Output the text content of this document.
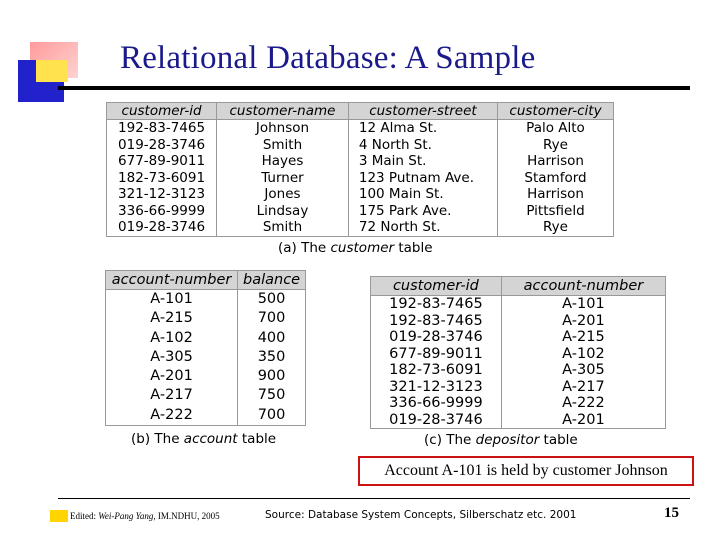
Relational Database: A Sample
customer-id	customer-name	customer-street	customer-city
192-83-7465	Johnson	12 Alma St.	Palo Alto
019-28-3746	Smith	4 North St.	Rye
677-89-9011	Hayes	3 Main St.	Harrison
182-73-6091	Turner	123 Putnam Ave.	Stamford
321-12-3123	Jones	100 Main St.	Harrison
336-66-9999	Lindsay	175 Park Ave.	Pittsfield
019-28-3746	Smith	72 North St.	Rye
(a) The customer table
account-number	balance
A-101	500
A-215	700
A-102	400
A-305	350
A-201	900
A-217	750
A-222	700
(b) The account table
customer-id	account-number
192-83-7465	A-101
192-83-7465	A-201
019-28-3746	A-215
677-89-9011	A-102
182-73-6091	A-305
321-12-3123	A-217
336-66-9999	A-222
019-28-3746	A-201
(c) The depositor table
Account A-101 is held by customer Johnson
Edited: Wei-Pang Yang, IM.NDHU, 2005	Source: Database System Concepts, Silberschatz etc. 2001	15
